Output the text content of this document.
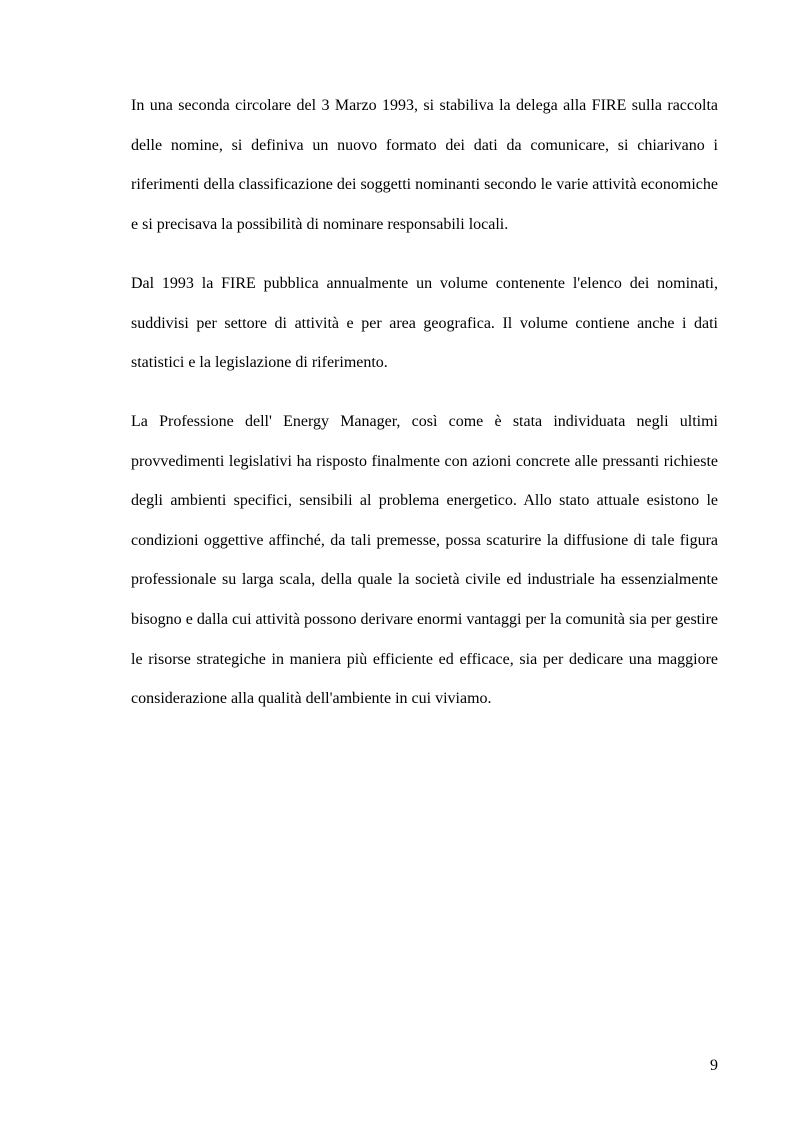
In una seconda circolare del 3 Marzo 1993, si stabiliva la delega alla FIRE sulla raccolta delle nomine, si definiva un nuovo formato dei dati da comunicare, si chiarivano i riferimenti della classificazione dei soggetti nominanti secondo le varie attività economiche e si precisava la possibilità di nominare responsabili locali.

Dal 1993 la FIRE pubblica annualmente un volume contenente l'elenco dei nominati, suddivisi per settore di attività e per area geografica. Il volume contiene anche i dati statistici e la legislazione di riferimento.

La Professione dell' Energy Manager, così come è stata individuata negli ultimi provvedimenti legislativi ha risposto finalmente con azioni concrete alle pressanti richieste degli ambienti specifici, sensibili al problema energetico. Allo stato attuale esistono le condizioni oggettive affinché, da tali premesse, possa scaturire la diffusione di tale figura professionale su larga scala, della quale la società civile ed industriale ha essenzialmente bisogno e dalla cui attività possono derivare enormi vantaggi per la comunità sia per gestire le risorse strategiche in maniera più efficiente ed efficace, sia per dedicare una maggiore considerazione alla qualità dell'ambiente in cui viviamo.

9
